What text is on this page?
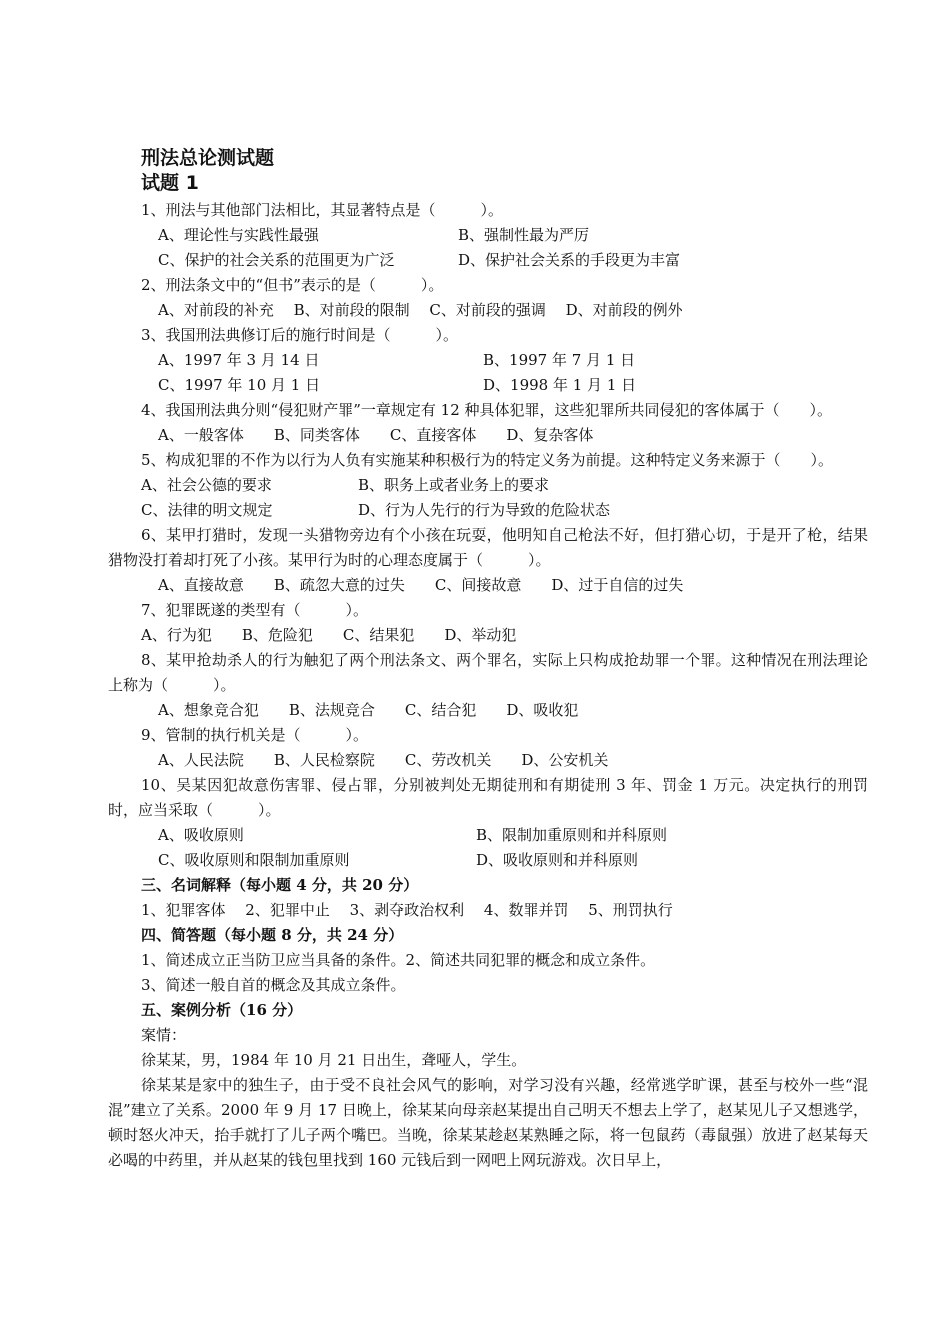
刑法总论测试题
试题 1
1、刑法与其他部门法相比，其显著特点是（　　　）。
A、理论性与实践性最强	B、强制性最为严厉
C、保护的社会关系的范围更为广泛	D、保护社会关系的手段更为丰富
2、刑法条文中的“但书”表示的是（　　　）。
A、对前段的补充　 B、对前段的限制　 C、对前段的强调　 D、对前段的例外
3、我国刑法典修订后的施行时间是（　　　）。
A、1997 年 3 月 14 日	B、1997 年 7 月 1 日
C、1997 年 10 月 1 日	D、1998 年 1 月 1 日
4、我国刑法典分则“侵犯财产罪”一章规定有 12 种具体犯罪，这些犯罪所共同侵犯的客体属于（　　）。
A、一般客体　　B、同类客体　　C、直接客体　　D、复杂客体
5、构成犯罪的不作为以行为人负有实施某种积极行为的特定义务为前提。这种特定义务来源于（　　）。
A、社会公德的要求	B、职务上或者业务上的要求
C、法律的明文规定	D、行为人先行的行为导致的危险状态
6、某甲打猎时，发现一头猎物旁边有个小孩在玩耍，他明知自己枪法不好，但打猎心切，于是开了枪，结果猎物没打着却打死了小孩。某甲行为时的心理态度属于（　　　）。
A、直接故意　　B、疏忽大意的过失　　C、间接故意　　D、过于自信的过失
7、犯罪既遂的类型有（　　　）。
A、行为犯　　B、危险犯　　C、结果犯　　D、举动犯
8、某甲抢劫杀人的行为触犯了两个刑法条文、两个罪名，实际上只构成抢劫罪一个罪。这种情况在刑法理论上称为（　　　）。
A、想象竞合犯　　B、法规竞合　　C、结合犯　　D、吸收犯
9、管制的执行机关是（　　　）。
A、人民法院　　B、人民检察院　　C、劳改机关　　D、公安机关
10、吴某因犯故意伤害罪、侵占罪，分别被判处无期徒刑和有期徒刑 3 年、罚金 1 万元。决定执行的刑罚时，应当采取（　　　）。
A、吸收原则	B、限制加重原则和并科原则
C、吸收原则和限制加重原则	D、吸收原则和并科原则
三、名词解释（每小题 4 分，共 20 分）
1、犯罪客体　 2、犯罪中止　 3、剥夺政治权利　 4、数罪并罚　 5、刑罚执行
四、简答题（每小题 8 分，共 24 分）
1、简述成立正当防卫应当具备的条件。2、简述共同犯罪的概念和成立条件。
3、简述一般自首的概念及其成立条件。
五、案例分析（16 分）
案情：
徐某某，男，1984 年 10 月 21 日出生，聋哑人，学生。
徐某某是家中的独生子，由于受不良社会风气的影响，对学习没有兴趣，经常逃学旷课，甚至与校外一些“混混”建立了关系。2000 年 9 月 17 日晚上，徐某某向母亲赵某提出自己明天不想去上学了，赵某见儿子又想逃学，顿时怒火冲天，抬手就打了儿子两个嘴巴。当晚，徐某某趁赵某熟睡之际，将一包鼠药（毒鼠强）放进了赵某每天必喝的中药里，并从赵某的钱包里找到 160 元钱后到一网吧上网玩游戏。次日早上，
